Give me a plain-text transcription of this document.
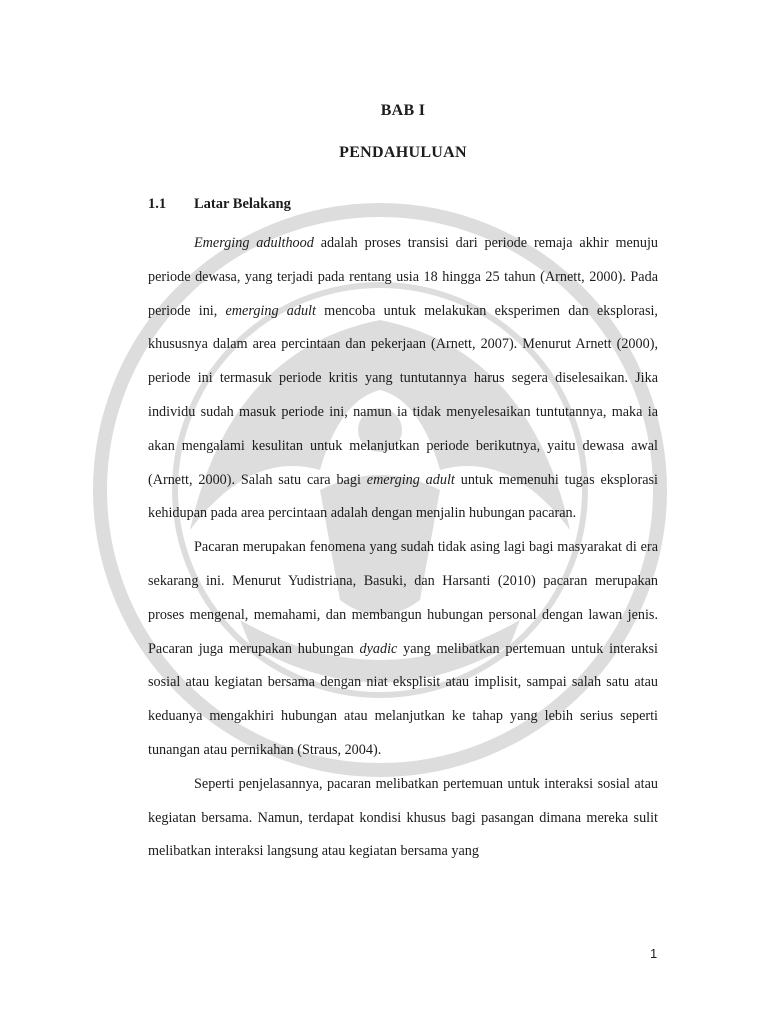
BAB I
PENDAHULUAN
1.1 Latar Belakang

Emerging adulthood adalah proses transisi dari periode remaja akhir menuju periode dewasa, yang terjadi pada rentang usia 18 hingga 25 tahun (Arnett, 2000). Pada periode ini, emerging adult mencoba untuk melakukan eksperimen dan eksplorasi, khususnya dalam area percintaan dan pekerjaan (Arnett, 2007). Menurut Arnett (2000), periode ini termasuk periode kritis yang tuntutannya harus segera diselesaikan. Jika individu sudah masuk periode ini, namun ia tidak menyelesaikan tuntutannya, maka ia akan mengalami kesulitan untuk melanjutkan periode berikutnya, yaitu dewasa awal (Arnett, 2000). Salah satu cara bagi emerging adult untuk memenuhi tugas eksplorasi kehidupan pada area percintaan adalah dengan menjalin hubungan pacaran.

Pacaran merupakan fenomena yang sudah tidak asing lagi bagi masyarakat di era sekarang ini. Menurut Yudistriana, Basuki, dan Harsanti (2010) pacaran merupakan proses mengenal, memahami, dan membangun hubungan personal dengan lawan jenis. Pacaran juga merupakan hubungan dyadic yang melibatkan pertemuan untuk interaksi sosial atau kegiatan bersama dengan niat eksplisit atau implisit, sampai salah satu atau keduanya mengakhiri hubungan atau melanjutkan ke tahap yang lebih serius seperti tunangan atau pernikahan (Straus, 2004).

Seperti penjelasannya, pacaran melibatkan pertemuan untuk interaksi sosial atau kegiatan bersama. Namun, terdapat kondisi khusus bagi pasangan dimana mereka sulit melibatkan interaksi langsung atau kegiatan bersama yang

1
